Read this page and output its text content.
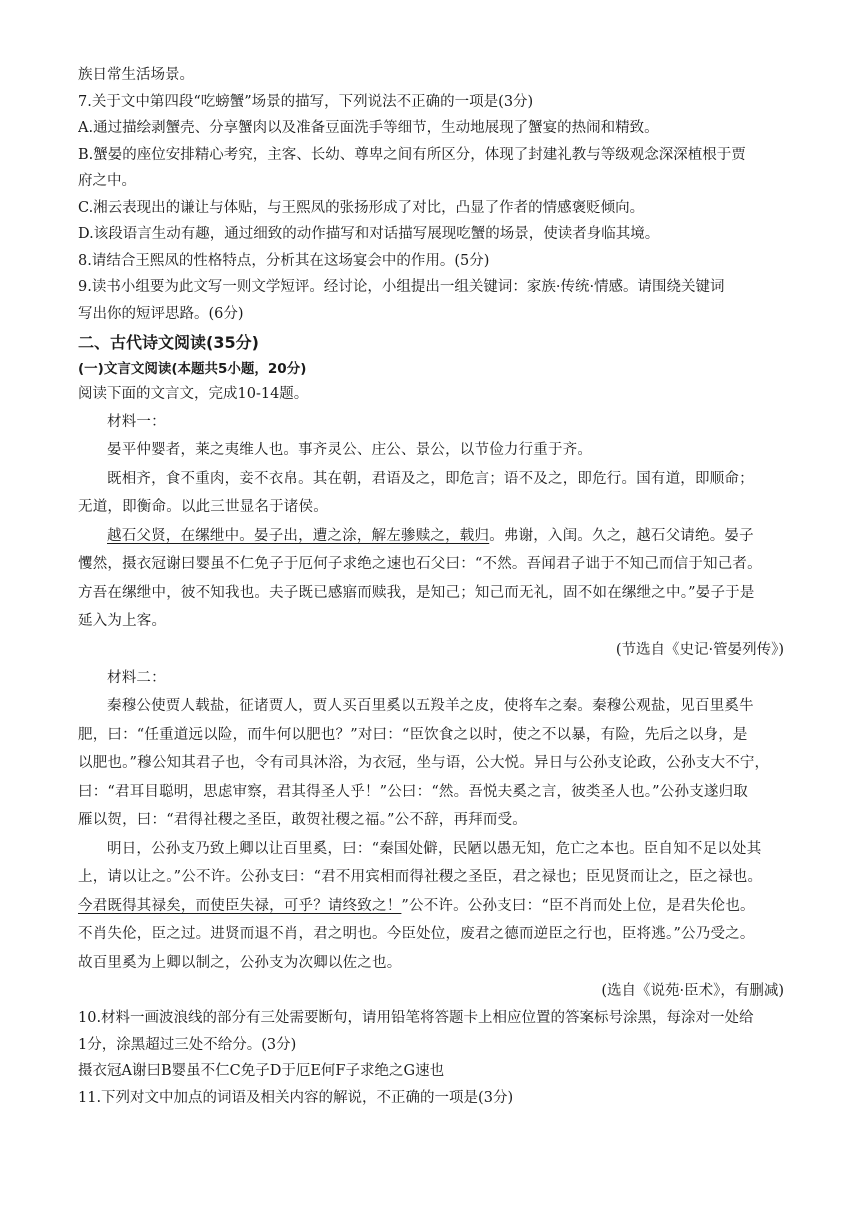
族日常生活场景。
7.关于文中第四段“吃螃蟹”场景的描写，下列说法不正确的一项是(3分)
A.通过描绘剥蟹壳、分享蟹肉以及准备豆面洗手等细节，生动地展现了蟹宴的热闹和精致。
B.蟹晏的座位安排精心考究，主客、长幼、尊卑之间有所区分，体现了封建礼教与等级观念深深植根于贾
府之中。
C.湘云表现出的谦让与体贴，与王熙凤的张扬形成了对比，凸显了作者的情感褒贬倾向。
D.该段语言生动有趣，通过细致的动作描写和对话描写展现吃蟹的场景，使读者身临其境。
8.请结合王熙凤的性格特点，分析其在这场宴会中的作用。(5分)
9.读书小组要为此文写一则文学短评。经讨论，小组提出一组关键词：家族·传统·情感。请围绕关键词
写出你的短评思路。(6分)
二、古代诗文阅读(35分)
(一)文言文阅读(本题共5小题，20分)
阅读下面的文言文，完成10-14题。
材料一：
晏平仲婴者，莱之夷维人也。事齐灵公、庄公、景公，以节俭力行重于齐。
既相齐，食不重肉，妾不衣帛。其在朝，君语及之，即危言；语不及之，即危行。国有道，即顺命；
无道，即衡命。以此三世显名于诸侯。
越石父贤，在缧绁中。晏子出，遭之涂，解左骖赎之，载归。弗谢，入闺。久之，越石父请绝。晏子
戄然，摄衣冠谢曰婴虽不仁免子于厄何子求绝之速也石父曰：“不然。吾闻君子诎于不知己而信于知己者。
方吾在缧绁中，彼不知我也。夫子既已感寤而赎我，是知己；知己而无礼，固不如在缧绁之中。”晏子于是
延入为上客。
(节选自《史记·管晏列传》)
材料二：
秦穆公使贾人载盐，征诸贾人，贾人买百里奚以五羖羊之皮，使将车之秦。秦穆公观盐，见百里奚牛
肥，曰：“任重道远以险，而牛何以肥也？”对曰：“臣饮食之以时，使之不以暴，有险，先后之以身，是
以肥也。”穆公知其君子也，令有司具沐浴，为衣冠，坐与语，公大悦。异日与公孙支论政，公孙支大不宁，
曰：“君耳目聪明，思虑审察，君其得圣人乎！”公曰：“然。吾悦夫奚之言，彼类圣人也。”公孙支遂归取
雁以贺，曰：“君得社稷之圣臣，敢贺社稷之福。”公不辞，再拜而受。
明日，公孙支乃致上卿以让百里奚，曰：“秦国处僻，民陋以愚无知，危亡之本也。臣自知不足以处其
上，请以让之。”公不许。公孙支曰：“君不用宾相而得社稷之圣臣，君之禄也；臣见贤而让之，臣之禄也。
今君既得其禄矣，而使臣失禄，可乎？请终致之！”公不许。公孙支曰：“臣不肖而处上位，是君失伦也。
不肖失伦，臣之过。进贤而退不肖，君之明也。今臣处位，废君之德而逆臣之行也，臣将逃。”公乃受之。
故百里奚为上卿以制之，公孙支为次卿以佐之也。
(选自《说苑·臣术》，有删减)
10.材料一画波浪线的部分有三处需要断句，请用铅笔将答题卡上相应位置的答案标号涂黑，每涂对一处给
1分，涂黑超过三处不给分。(3分)
摄衣冠A谢曰B婴虽不仁C免子D于厄E何F子求绝之G速也
11.下列对文中加点的词语及相关内容的解说，不正确的一项是(3分)
